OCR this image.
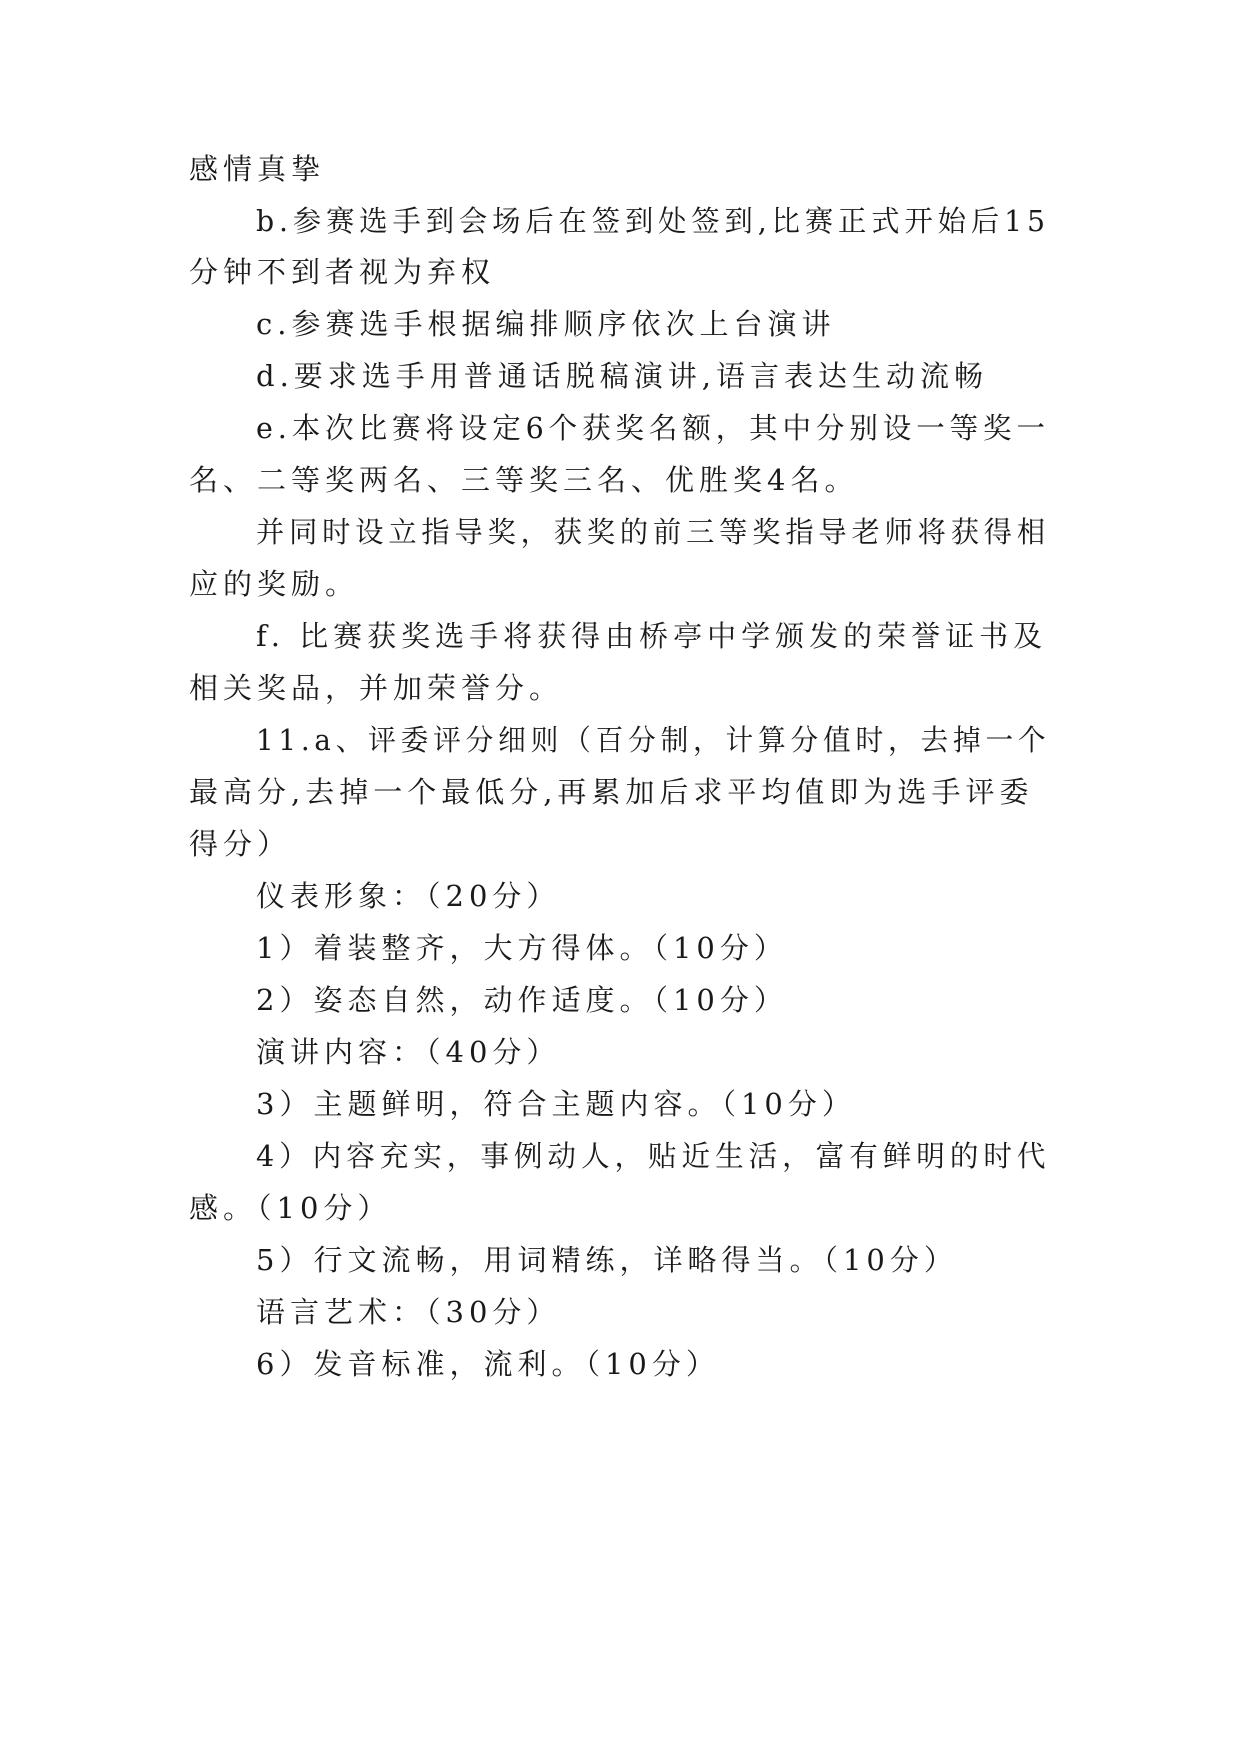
感情真挚
b.参赛选手到会场后在签到处签到,比赛正式开始后15
分钟不到者视为弃权
c.参赛选手根据编排顺序依次上台演讲
d.要求选手用普通话脱稿演讲,语言表达生动流畅
e.本次比赛将设定6个获奖名额，其中分别设一等奖一
名、二等奖两名、三等奖三名、优胜奖4名。
并同时设立指导奖，获奖的前三等奖指导老师将获得相
应的奖励。
f. 比赛获奖选手将获得由桥亭中学颁发的荣誉证书及
相关奖品，并加荣誉分。
11.a、评委评分细则（百分制，计算分值时，去掉一个
最高分,去掉一个最低分,再累加后求平均值即为选手评委
得分）
仪表形象：（20分）
1）着装整齐，大方得体。（10分）
2）姿态自然，动作适度。（10分）
演讲内容：（40分）
3）主题鲜明，符合主题内容。（10分）
4）内容充实，事例动人，贴近生活，富有鲜明的时代
感。（10分）
5）行文流畅，用词精练，详略得当。（10分）
语言艺术：（30分）
6）发音标准，流利。（10分）
